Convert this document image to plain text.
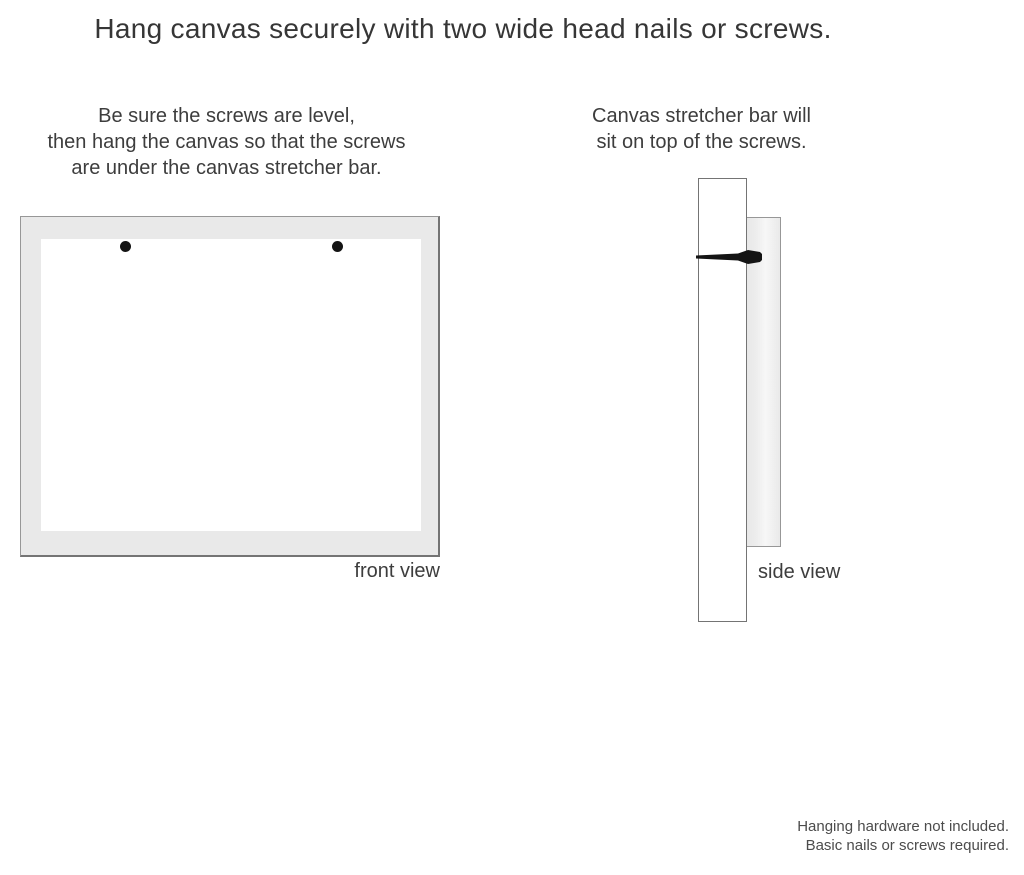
Hang canvas securely with two wide head nails or screws.

Be sure the screws are level,
then hang the canvas so that the screws
are under the canvas stretcher bar.

Canvas stretcher bar will
sit on top of the screws.

front view	side view

Hanging hardware not included.
Basic nails or screws required.
